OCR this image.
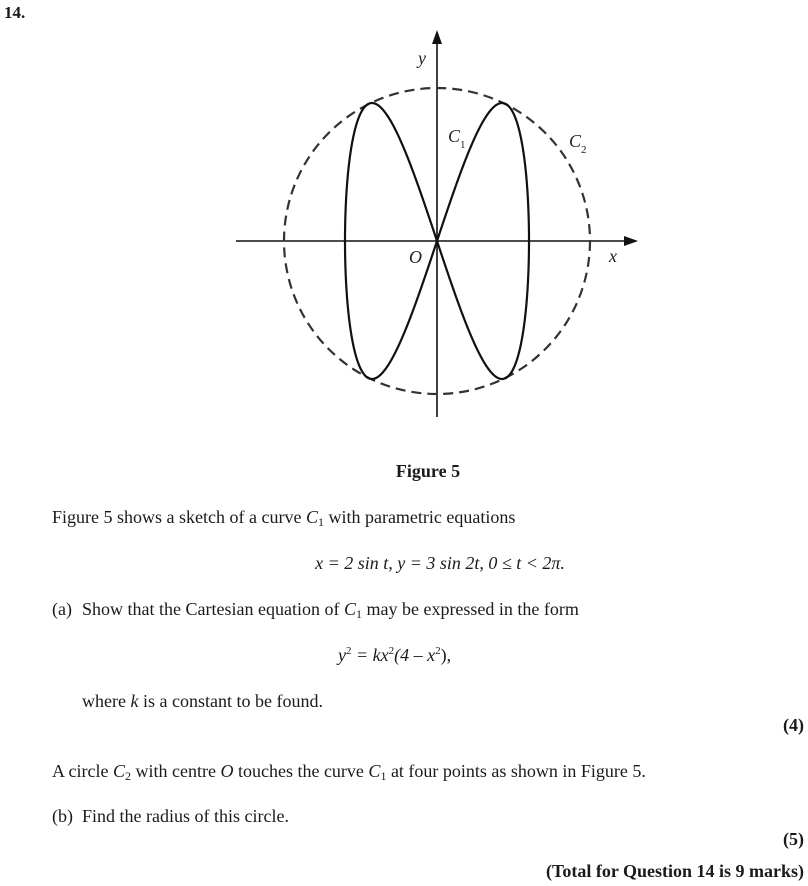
14.
y
x
O
$C_1$	$C_2$
Figure 5
Figure 5 shows a sketch of a curve C1 with parametric equations
x = 2 sin t, y = 3 sin 2t, 0 ≤ t < 2π.
(a) Show that the Cartesian equation of C1 may be expressed in the form
$y^2 = kx^2(4 - x^2)$,
where k is a constant to be found.
(4)
A circle C2 with centre O touches the curve C1 at four points as shown in Figure 5.
(b) Find the radius of this circle.
(5)
(Total for Question 14 is 9 marks)
